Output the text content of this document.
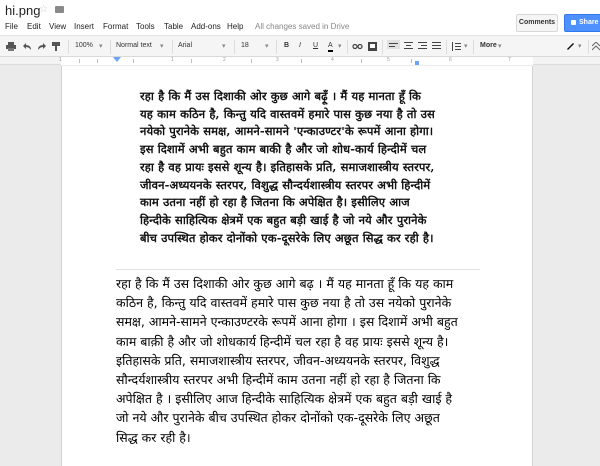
hi.png
☆
File Edit View Insert Format Tools Table Add-ons Help All changes saved in Drive	Comments	Share
100% ▾ Normal text ▾ Arial	▾ 18 ▾ B I U A ▾	▾ More ▾	▾
1	1	2	3	4	5	6	7
रहा है कि मैं उस दिशाकी ओर कुछ आगे बढ़ूँ । मैं यह मानता हूँ कि
यह काम कठिन है, किन्तु यदि वास्तवमें हमारे पास कुछ नया है तो उस
नयेको पुरानेके समक्ष, आमने-सामने 'एन्काउण्टर'के रूपमें आना होगा।
इस दिशामें अभी बहुत काम बाकी है और जो शोध-कार्य हिन्दीमें चल
रहा है वह प्रायः इससे शून्य है। इतिहासके प्रति, समाजशास्त्रीय स्तरपर,
जीवन-अध्ययनके स्तरपर, विशुद्ध सौन्दर्यशास्त्रीय स्तरपर अभी हिन्दीमें
काम उतना नहीं हो रहा है जितना कि अपेक्षित है। इसीलिए आज
हिन्दीके साहित्यिक क्षेत्रमें एक बहुत बड़ी खाई है जो नये और पुरानेके
बीच उपस्थित होकर दोनोंको एक-दूसरेके लिए अछूत सिद्ध कर रही है।
रहा है कि मैं उस दिशाकी ओर कुछ आगे बढ़ । मैं यह मानता हूँ कि यह काम
कठिन है, किन्तु यदि वास्तवमें हमारे पास कुछ नया है तो उस नयेको पुरानेके
समक्ष, आमने-सामने एन्काउण्टरके रूपमें आना होगा । इस दिशामें अभी बहुत
काम बाक़ी है और जो शोधकार्य हिन्दीमें चल रहा है वह प्रायः इससे शून्य है।
इतिहासके प्रति, समाजशास्त्रीय स्तरपर, जीवन-अध्ययनके स्तरपर, विशुद्ध
सौन्दर्यशास्त्रीय स्तरपर अभी हिन्दीमें काम उतना नहीं हो रहा है जितना कि
अपेक्षित है । इसीलिए आज हिन्दीके साहित्यिक क्षेत्रमें एक बहुत बड़ी खाई है
जो नये और पुरानेके बीच उपस्थित होकर दोनोंको एक-दूसरेके लिए अछूत
सिद्ध कर रही है।
